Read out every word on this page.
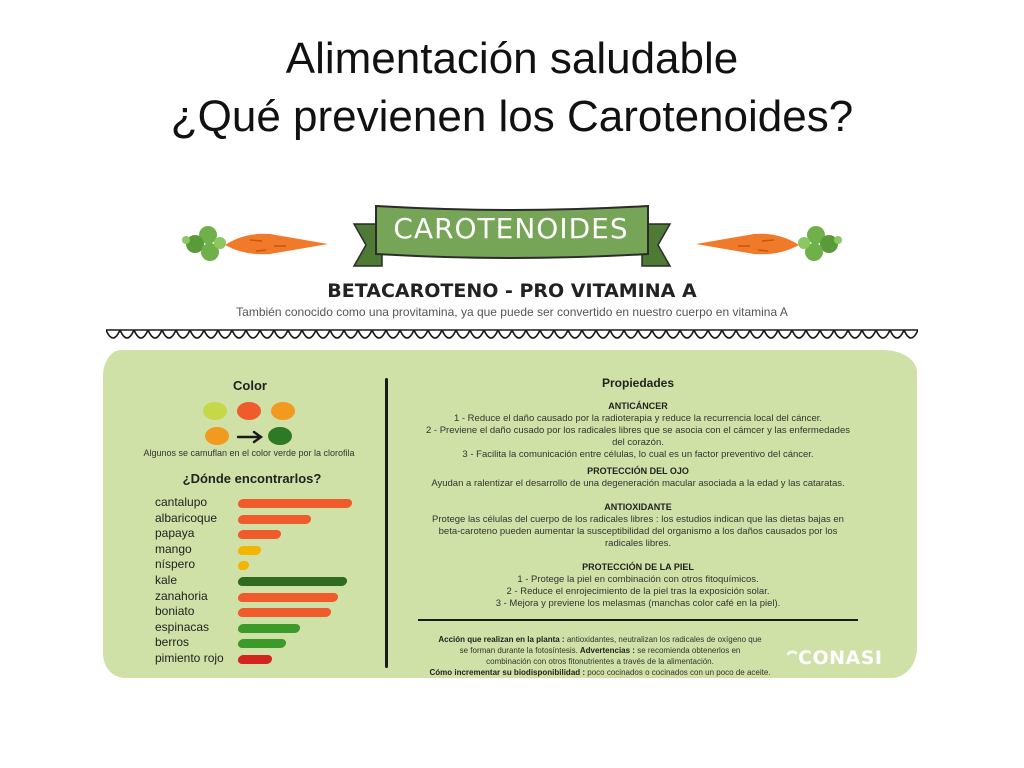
Alimentación saludable
¿Qué previenen los Carotenoides?
CAROTENOIDES
BETACAROTENO - PRO VITAMINA A
También conocido como una provitamina, ya que puede ser convertido en nuestro cuerpo en vitamina A
Color
Algunos se camuflan en el color verde por la clorofila
¿Dónde encontrarlos?
cantalupo
albaricoque
papaya
mango
níspero
kale
zanahoria
boniato
espinacas
berros
pimiento rojo
Propiedades
ANTICÁNCER
1 - Reduce el daño causado por la radioterapia y reduce la recurrencia local del cáncer.
2 - Previene el daño cusado por los radicales libres que se asocia con el cámcer y las enfermedades
del corazón.
3 - Facilita la comunicación entre células, lo cual es un factor preventivo del cáncer.
PROTECCIÓN DEL OJO
Ayudan a ralentizar el desarrollo de una degeneración macular asociada a la edad y las cataratas.
ANTIOXIDANTE
Protege las células del cuerpo de los radicales libres : los estudios indican que las dietas bajas en
beta-caroteno pueden aumentar la susceptibilidad del organismo a los daños causados por los
radicales libres.
PROTECCIÓN DE LA PIEL
1 - Protege la piel en combinación con otros fitoquímicos.
2 - Reduce el enrojecimiento de la piel tras la exposición solar.
3 - Mejora y previene los melasmas (manchas color café en la piel).
Acción que realizan en la planta : antioxidantes, neutralizan los radicales de oxígeno que
se forman durante la fotosíntesis. Advertencias : se recomienda obtenerlos en
combinación con otros fitonutrientes a través de la alimentación.
Cómo incrementar su biodisponibilidad : poco cocinados o cocinados con un poco de aceite.
CONASI
